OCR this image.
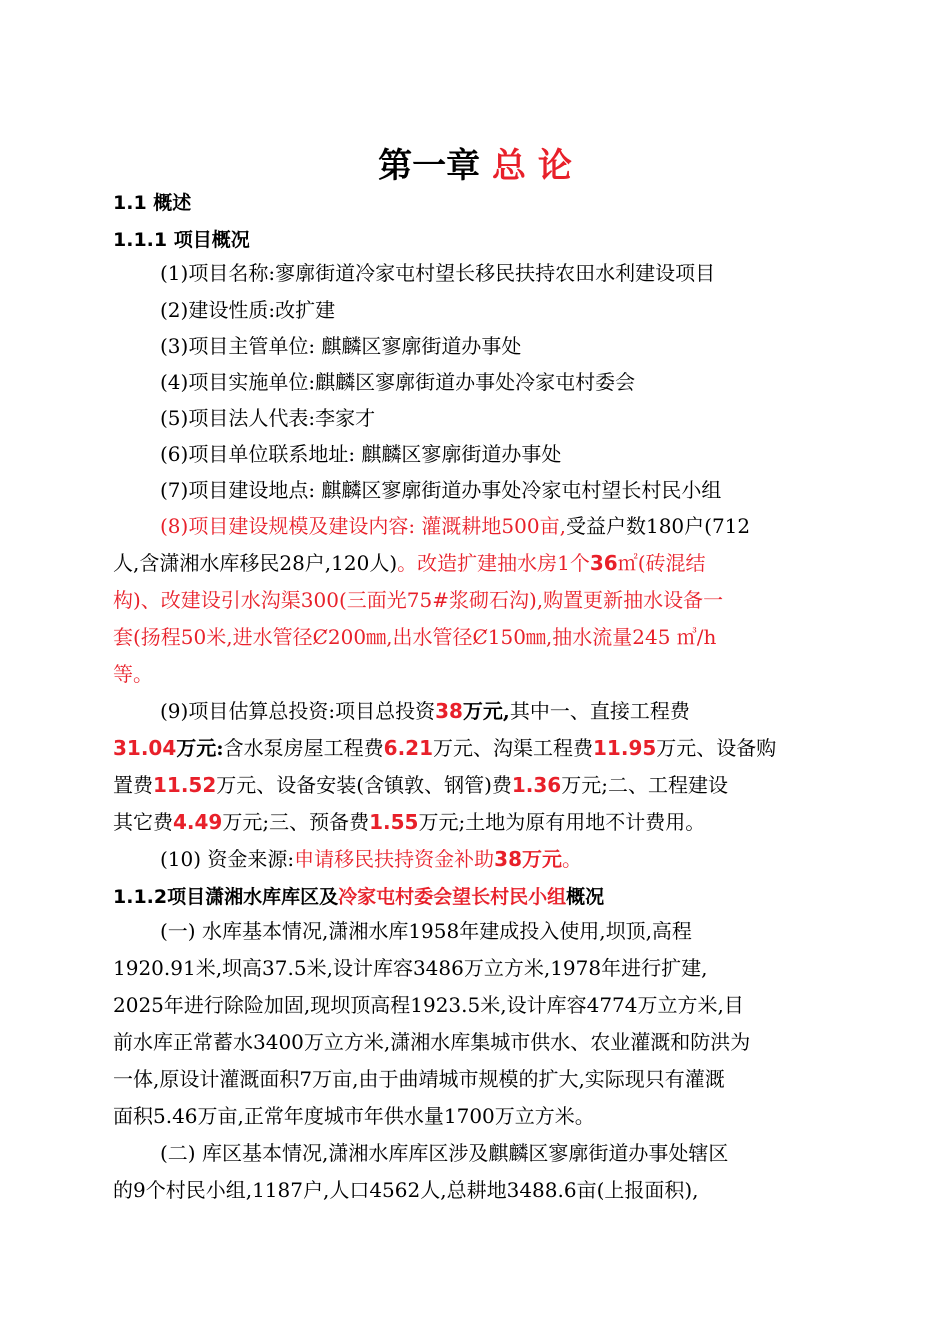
第一章 总 论
1.1 概述
1.1.1 项目概况
(1)项目名称:寥廓街道冷家屯村望长移民扶持农田水利建设项目
(2)建设性质:改扩建
(3)项目主管单位: 麒麟区寥廓街道办事处
(4)项目实施单位:麒麟区寥廓街道办事处冷家屯村委会
(5)项目法人代表:李家才
(6)项目单位联系地址: 麒麟区寥廓街道办事处
(7)项目建设地点: 麒麟区寥廓街道办事处冷家屯村望长村民小组
(8)项目建设规模及建设内容: 灌溉耕地500亩,受益户数180户(712
人,含潇湘水库移民28户,120人)。改造扩建抽水房1个36㎡(砖混结
构)、改建设引水沟渠300(三面光75#浆砌石沟),购置更新抽水设备一
套(扬程50米,进水管径Ȼ200㎜,出水管径Ȼ150㎜,抽水流量245 ㎥/h
等。
(9)项目估算总投资:项目总投资38万元,其中一、直接工程费
31.04万元:含水泵房屋工程费6.21万元、沟渠工程费11.95万元、设备购
置费11.52万元、设备安装(含镇敦、钢管)费1.36万元;二、工程建设
其它费4.49万元;三、预备费1.55万元;土地为原有用地不计费用。
(10) 资金来源:申请移民扶持资金补助38万元。
1.1.2项目潇湘水库库区及冷家屯村委会望长村民小组概况
(一) 水库基本情况,潇湘水库1958年建成投入使用,坝顶,高程
1920.91米,坝高37.5米,设计库容3486万立方米,1978年进行扩建,
2025年进行除险加固,现坝顶高程1923.5米,设计库容4774万立方米,目
前水库正常蓄水3400万立方米,潇湘水库集城市供水、农业灌溉和防洪为
一体,原设计灌溉面积7万亩,由于曲靖城市规模的扩大,实际现只有灌溉
面积5.46万亩,正常年度城市年供水量1700万立方米。
(二) 库区基本情况,潇湘水库库区涉及麒麟区寥廓街道办事处辖区
的9个村民小组,1187户,人口4562人,总耕地3488.6亩(上报面积),
